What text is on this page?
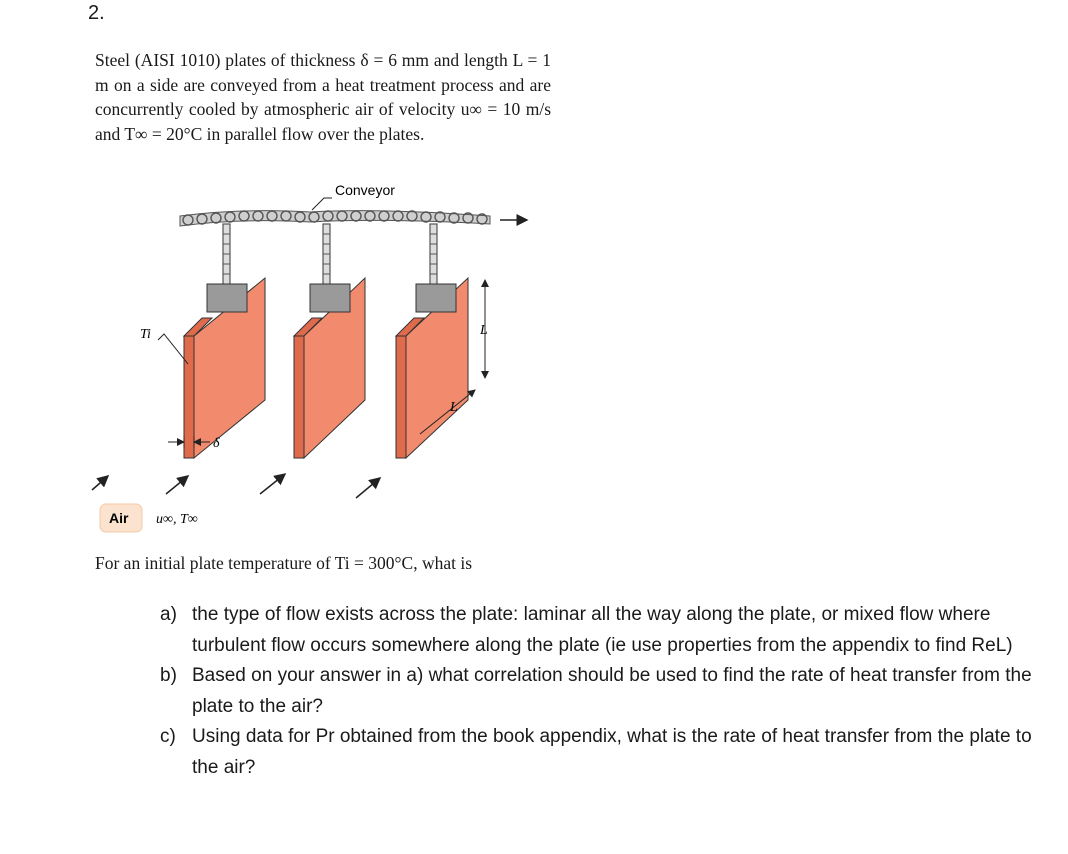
2.
Steel (AISI 1010) plates of thickness δ = 6 mm and length L = 1 m on a side are conveyed from a heat treatment process and are concurrently cooled by atmospheric air of velocity u∞ = 10 m/s and T∞ = 20°C in parallel flow over the plates.
Conveyor
Ti	L
L
δ
Air u∞, T∞
For an initial plate temperature of Ti = 300°C, what is
a) the type of flow exists across the plate: laminar all the way along the plate, or mixed flow where turbulent flow occurs somewhere along the plate (ie use properties from the appendix to find ReL)
b) Based on your answer in a) what correlation should be used to find the rate of heat transfer from the plate to the air?
c) Using data for Pr obtained from the book appendix, what is the rate of heat transfer from the plate to the air?
